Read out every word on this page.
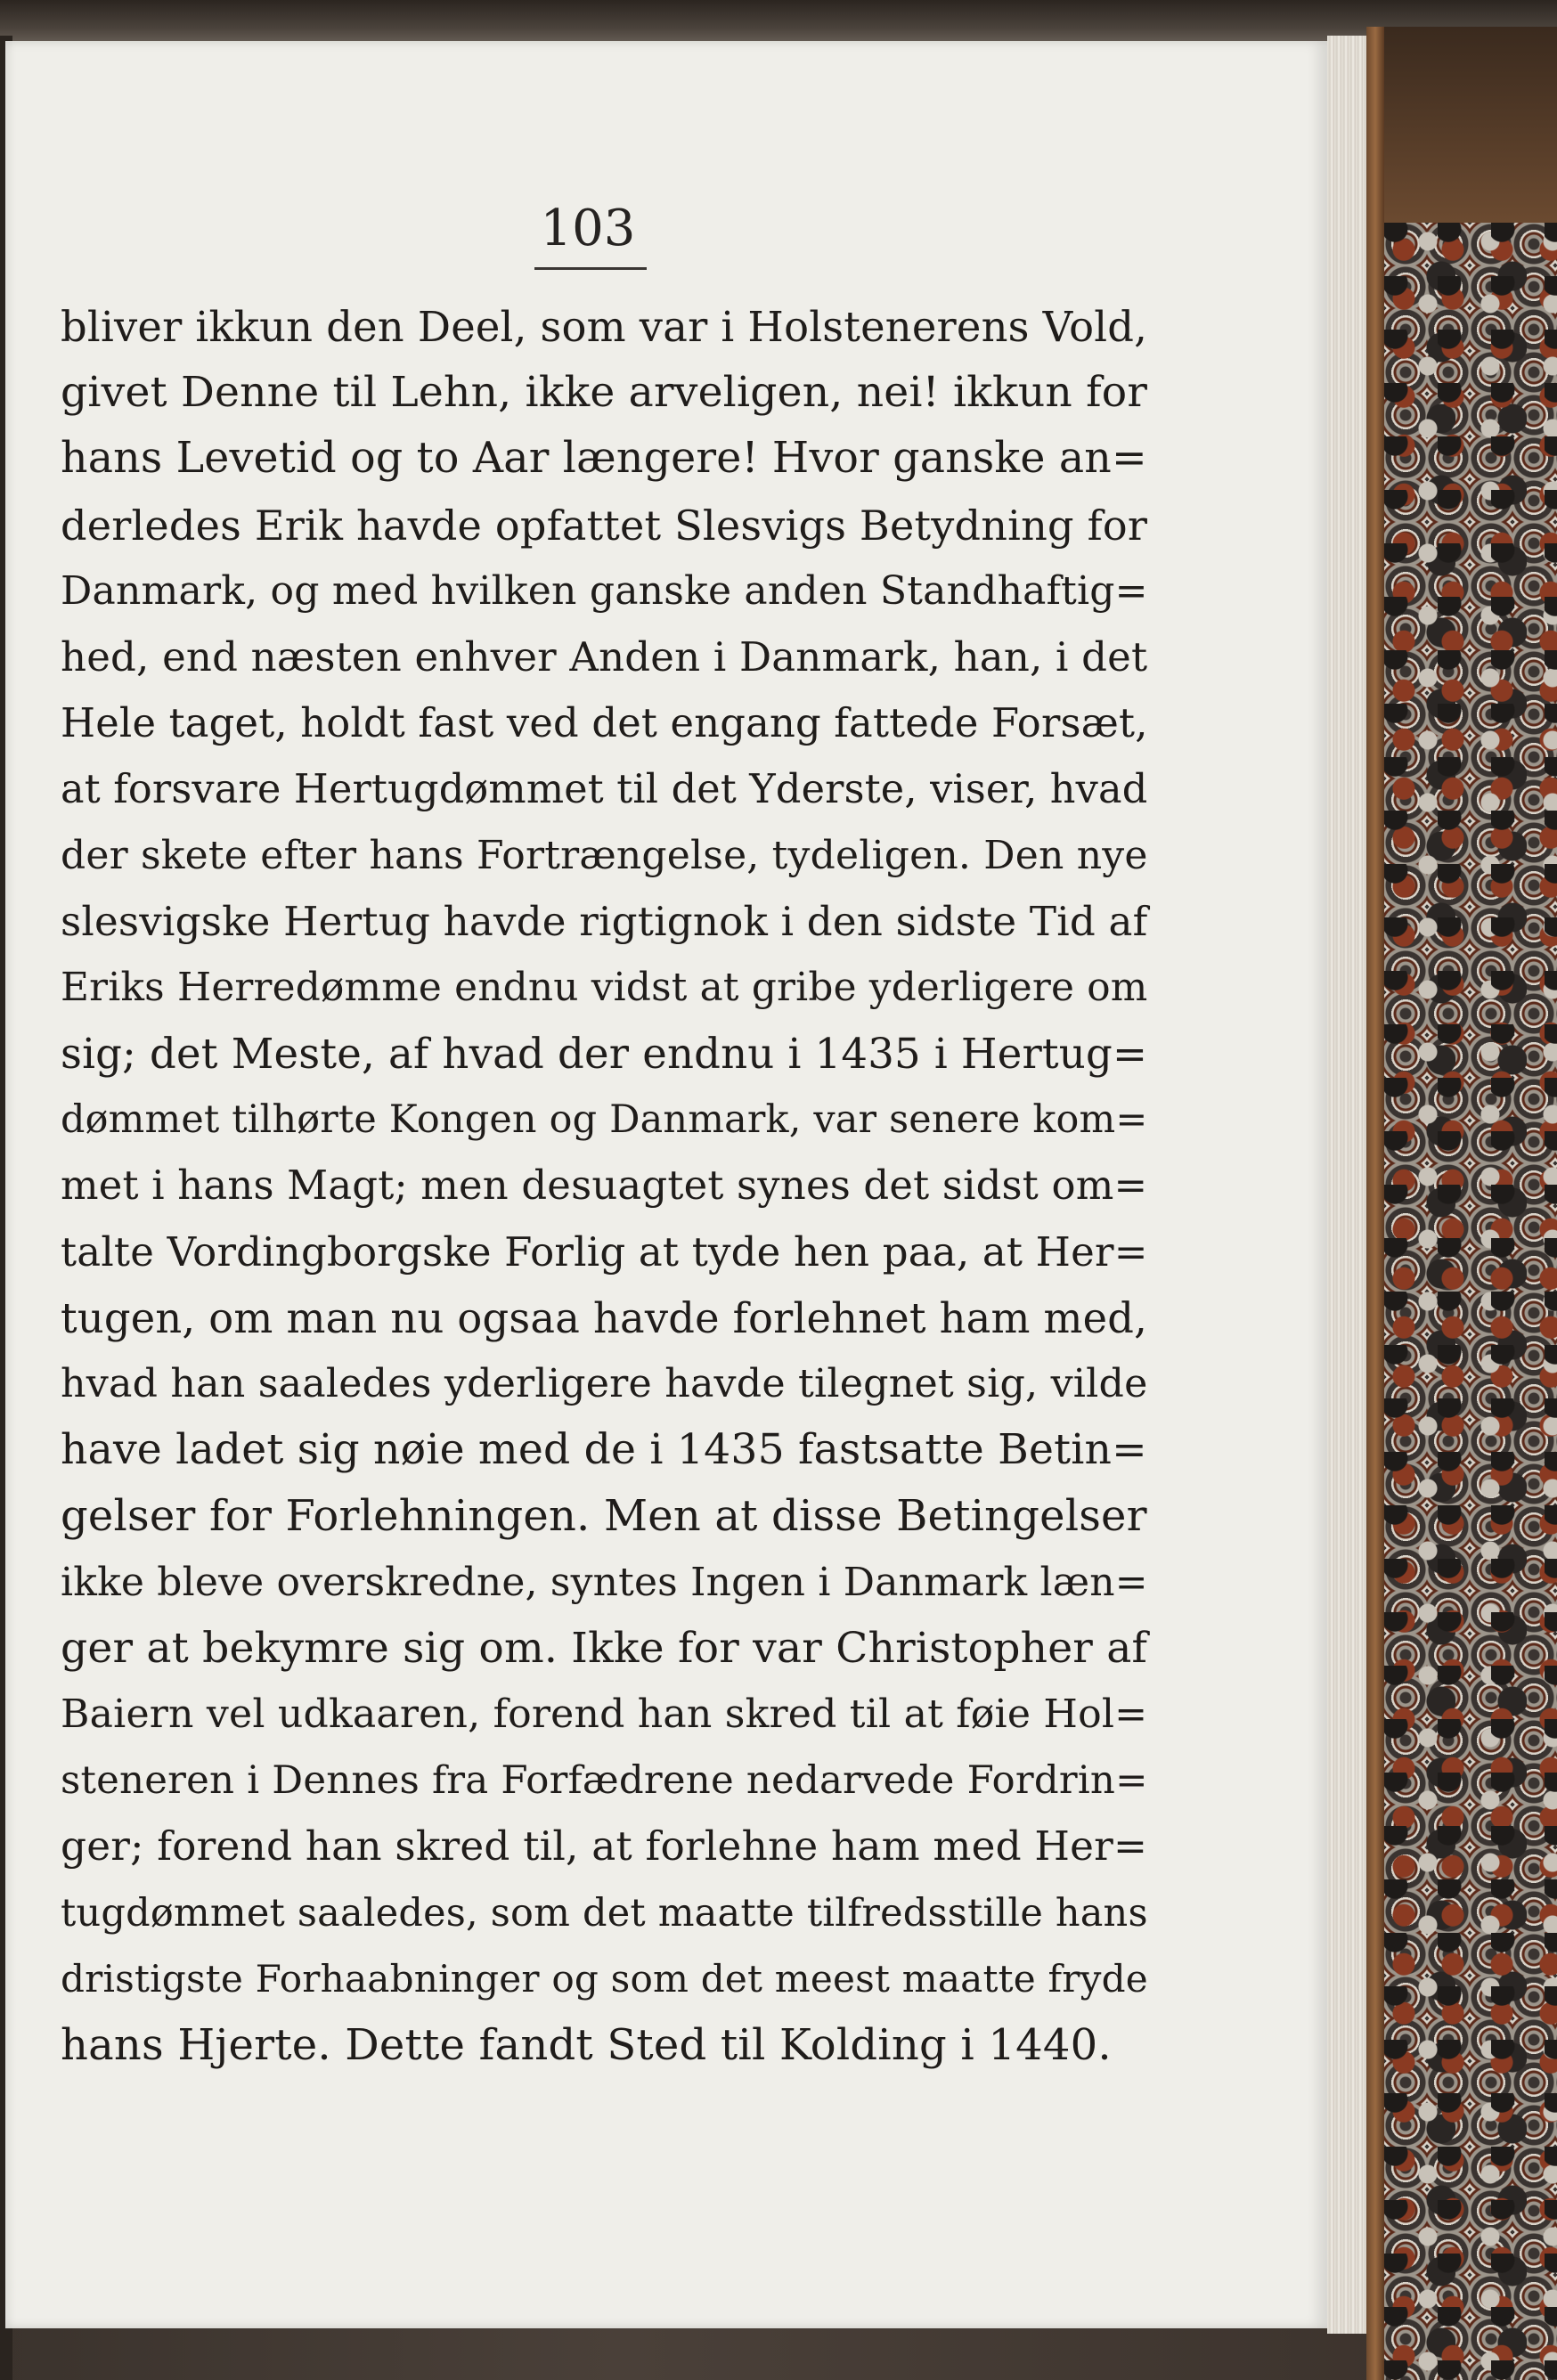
103
bliver ikkun den Deel, som var i Holstenerens Vold,
givet Denne til Lehn, ikke arveligen, nei! ikkun for
hans Levetid og to Aar længere! Hvor ganske an=
derledes Erik havde opfattet Slesvigs Betydning for
Danmark, og med hvilken ganske anden Standhaftig=
hed, end næsten enhver Anden i Danmark, han, i det
Hele taget, holdt fast ved det engang fattede Forsæt,
at forsvare Hertugdømmet til det Yderste, viser, hvad
der skete efter hans Fortrængelse, tydeligen. Den nye
slesvigske Hertug havde rigtignok i den sidste Tid af
Eriks Herredømme endnu vidst at gribe yderligere om
sig; det Meste, af hvad der endnu i 1435 i Hertug=
dømmet tilhørte Kongen og Danmark, var senere kom=
met i hans Magt; men desuagtet synes det sidst om=
talte Vordingborgske Forlig at tyde hen paa, at Her=
tugen, om man nu ogsaa havde forlehnet ham med,
hvad han saaledes yderligere havde tilegnet sig, vilde
have ladet sig nøie med de i 1435 fastsatte Betin=
gelser for Forlehningen. Men at disse Betingelser
ikke bleve overskredne, syntes Ingen i Danmark læn=
ger at bekymre sig om. Ikke for var Christopher af
Baiern vel udkaaren, forend han skred til at føie Hol=
steneren i Dennes fra Forfædrene nedarvede Fordrin=
ger; forend han skred til, at forlehne ham med Her=
tugdømmet saaledes, som det maatte tilfredsstille hans
dristigste Forhaabninger og som det meest maatte fryde
hans Hjerte. Dette fandt Sted til Kolding i 1440.
